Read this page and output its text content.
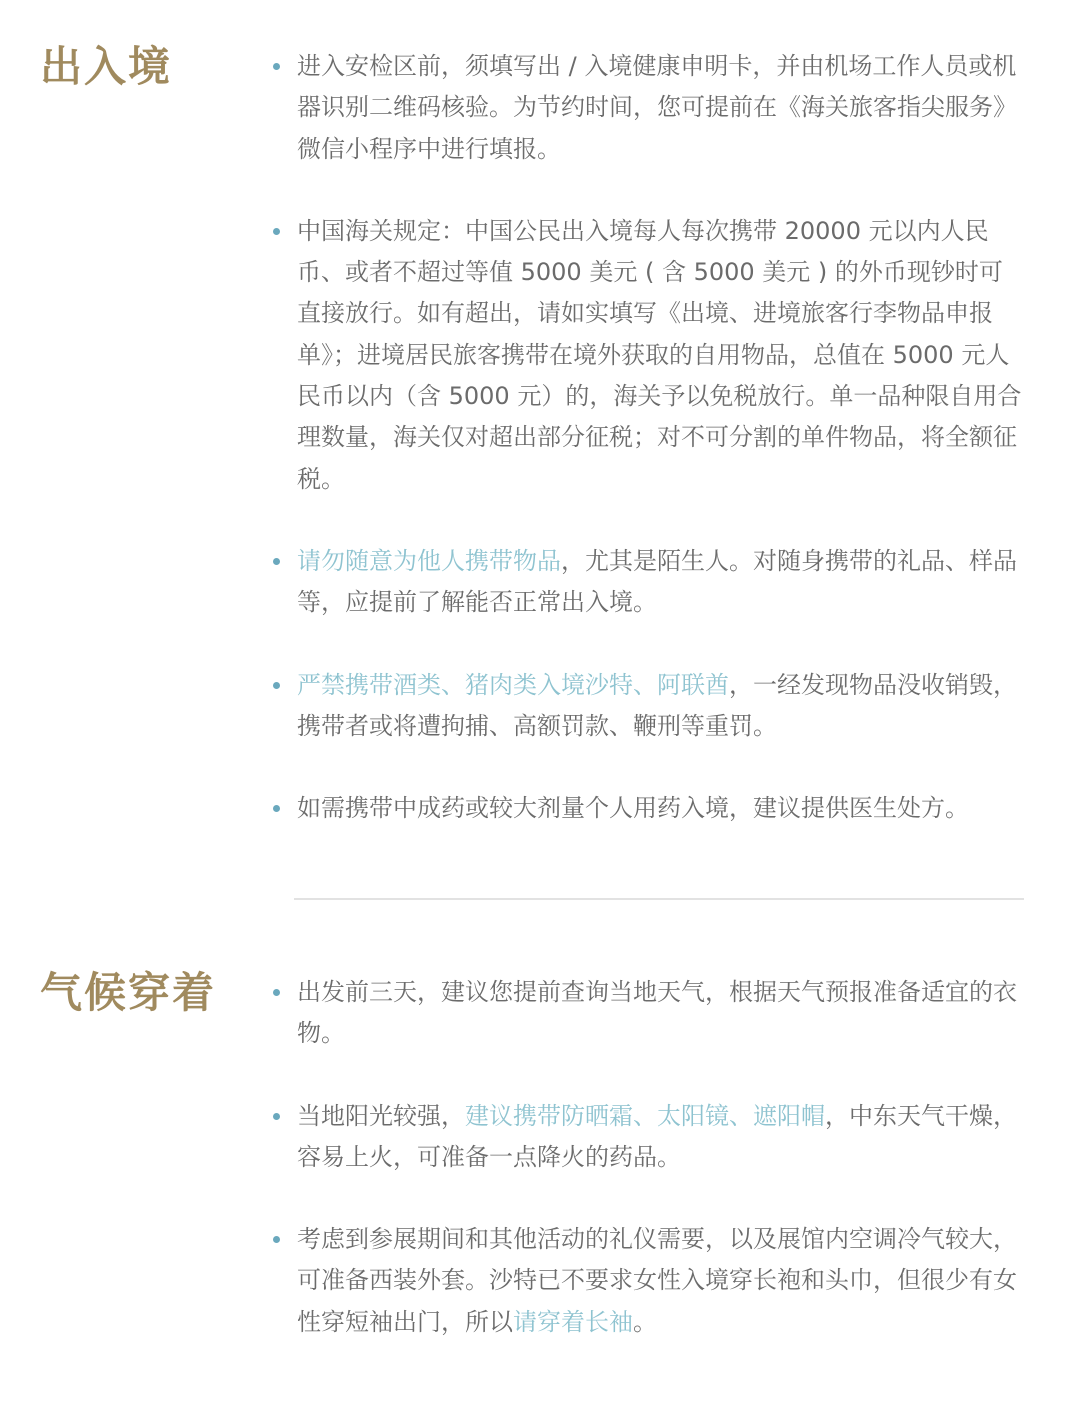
出入境	进入安检区前，须填写出 / 入境健康申明卡，并由机场工作人员或机器识别二维码核验。为节约时间，您可提前在《海关旅客指尖服务》微信小程序中进行填报。
中国海关规定：中国公民出入境每人每次携带 20000 元以内人民币、或者不超过等值 5000 美元 ( 含 5000 美元 ) 的外币现钞时可直接放行。如有超出，请如实填写《出境、进境旅客行李物品申报单》；进境居民旅客携带在境外获取的自用物品，总值在 5000 元人民币以内（含 5000 元）的，海关予以免税放行。单一品种限自用合理数量，海关仅对超出部分征税；对不可分割的单件物品，将全额征税。
请勿随意为他人携带物品，尤其是陌生人。对随身携带的礼品、样品等，应提前了解能否正常出入境。
严禁携带酒类、猪肉类入境沙特、阿联酋，一经发现物品没收销毁，携带者或将遭拘捕、高额罚款、鞭刑等重罚。
如需携带中成药或较大剂量个人用药入境，建议提供医生处方。
气候穿着	出发前三天，建议您提前查询当地天气，根据天气预报准备适宜的衣物。
当地阳光较强，建议携带防晒霜、太阳镜、遮阳帽，中东天气干燥，容易上火，可准备一点降火的药品。
考虑到参展期间和其他活动的礼仪需要，以及展馆内空调冷气较大，可准备西装外套。沙特已不要求女性入境穿长袍和头巾，但很少有女性穿短袖出门，所以请穿着长袖。
